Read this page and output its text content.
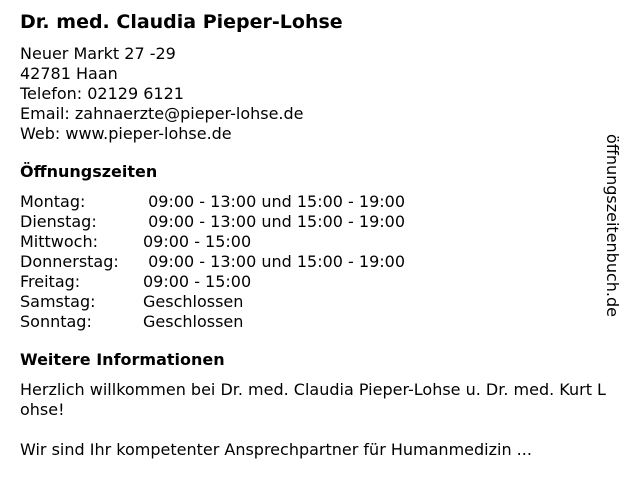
Dr. med. Claudia Pieper-Lohse
Neuer Markt 27 -29
42781 Haan
Telefon: 02129 6121
Email: zahnaerzte@pieper-lohse.de
Web: www.pieper-lohse.de
Öffnungszeiten
Montag:	09:00 - 13:00 und 15:00 - 19:00
Dienstag:	09:00 - 13:00 und 15:00 - 19:00
Mittwoch:	09:00 - 15:00
Donnerstag:	09:00 - 13:00 und 15:00 - 19:00
Freitag:	09:00 - 15:00
Samstag:	Geschlossen
Sonntag:	Geschlossen
Weitere Informationen

Herzlich willkommen bei Dr. med. Claudia Pieper-Lohse u. Dr. med. Kurt Lohse!

Wir sind Ihr kompetenter Ansprechpartner für Humanmedizin ...

öffnungszeitenbuch.de
